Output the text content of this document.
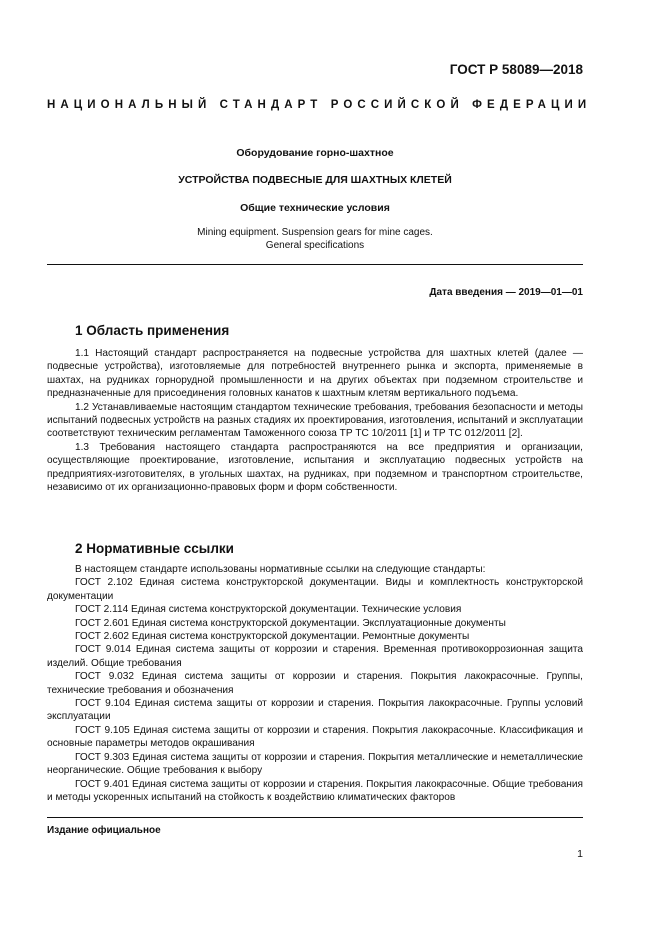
ГОСТ Р 58089—2018
НАЦИОНАЛЬНЫЙ СТАНДАРТ РОССИЙСКОЙ ФЕДЕРАЦИИ
Оборудование горно-шахтное
УСТРОЙСТВА ПОДВЕСНЫЕ ДЛЯ ШАХТНЫХ КЛЕТЕЙ
Общие технические условия
Mining equipment. Suspension gears for mine cages.
General specifications
Дата введения — 2019—01—01
1 Область применения

1.1 Настоящий стандарт распространяется на подвесные устройства для шахтных клетей (далее — подвесные устройства), изготовляемые для потребностей внутреннего рынка и экспорта, применяемые в шахтах, на рудниках горнорудной промышленности и на других объектах при подземном строительстве и предназначенные для присоединения головных канатов к шахтным клетям вертикального подъема.

1.2 Устанавливаемые настоящим стандартом технические требования, требования безопасности и методы испытаний подвесных устройств на разных стадиях их проектирования, изготовления, испытаний и эксплуатации соответствуют техническим регламентам Таможенного союза ТР ТС 10/2011 [1] и ТР ТС 012/2011 [2].

1.3 Требования настоящего стандарта распространяются на все предприятия и организации, осуществляющие проектирование, изготовление, испытания и эксплуатацию подвесных устройств на предприятиях-изготовителях, в угольных шахтах, на рудниках, при подземном и транспортном строительстве, независимо от их организационно-правовых форм и форм собственности.

2 Нормативные ссылки

В настоящем стандарте использованы нормативные ссылки на следующие стандарты:

ГОСТ 2.102 Единая система конструкторской документации. Виды и комплектность конструкторской документации

ГОСТ 2.114 Единая система конструкторской документации. Технические условия

ГОСТ 2.601 Единая система конструкторской документации. Эксплуатационные документы

ГОСТ 2.602 Единая система конструкторской документации. Ремонтные документы

ГОСТ 9.014 Единая система защиты от коррозии и старения. Временная противокоррозионная защита изделий. Общие требования

ГОСТ 9.032 Единая система защиты от коррозии и старения. Покрытия лакокрасочные. Группы, технические требования и обозначения

ГОСТ 9.104 Единая система защиты от коррозии и старения. Покрытия лакокрасочные. Группы условий эксплуатации

ГОСТ 9.105 Единая система защиты от коррозии и старения. Покрытия лакокрасочные. Классификация и основные параметры методов окрашивания

ГОСТ 9.303 Единая система защиты от коррозии и старения. Покрытия металлические и неметаллические неорганические. Общие требования к выбору

ГОСТ 9.401 Единая система защиты от коррозии и старения. Покрытия лакокрасочные. Общие требования и методы ускоренных испытаний на стойкость к воздействию климатических факторов

Издание официальное
1
